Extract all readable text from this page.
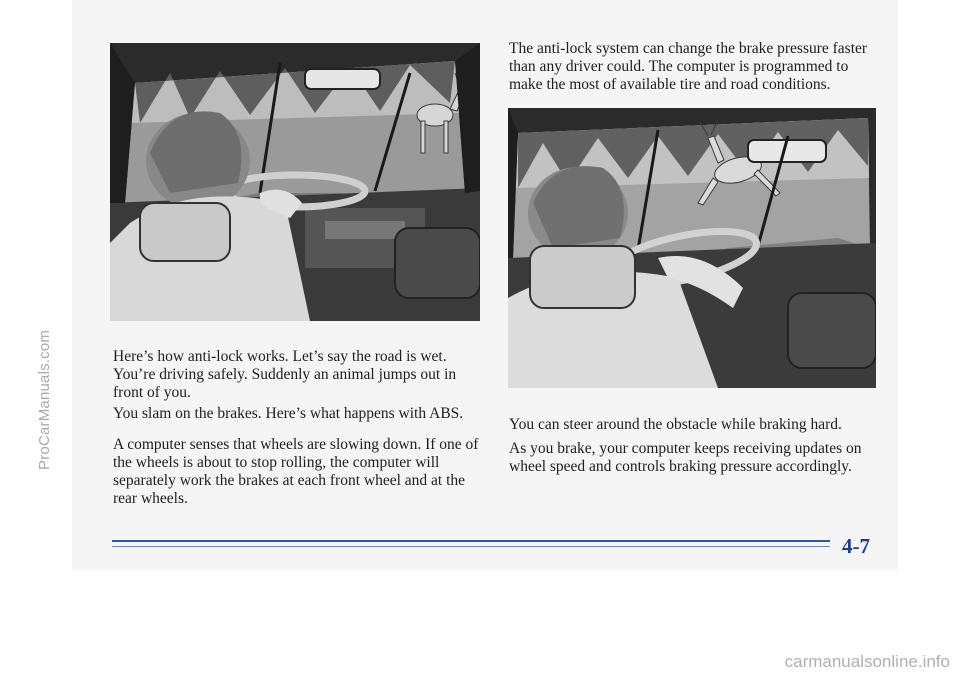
ProCarManuals.com	Here’s how anti-lock works. Let’s say the road is wet. You’re driving safely. Suddenly an animal jumps out in front of you.

You slam on the brakes. Here’s what happens with ABS.

A computer senses that wheels are slowing down. If one of the wheels is about to stop rolling, the computer will separately work the brakes at each front wheel and at the rear wheels.

The anti-lock system can change the brake pressure faster than any driver could. The computer is programmed to make the most of available tire and road conditions.

You can steer around the obstacle while braking hard.

As you brake, your computer keeps receiving updates on wheel speed and controls braking pressure accordingly.

4-7
carmanualsonline.info
